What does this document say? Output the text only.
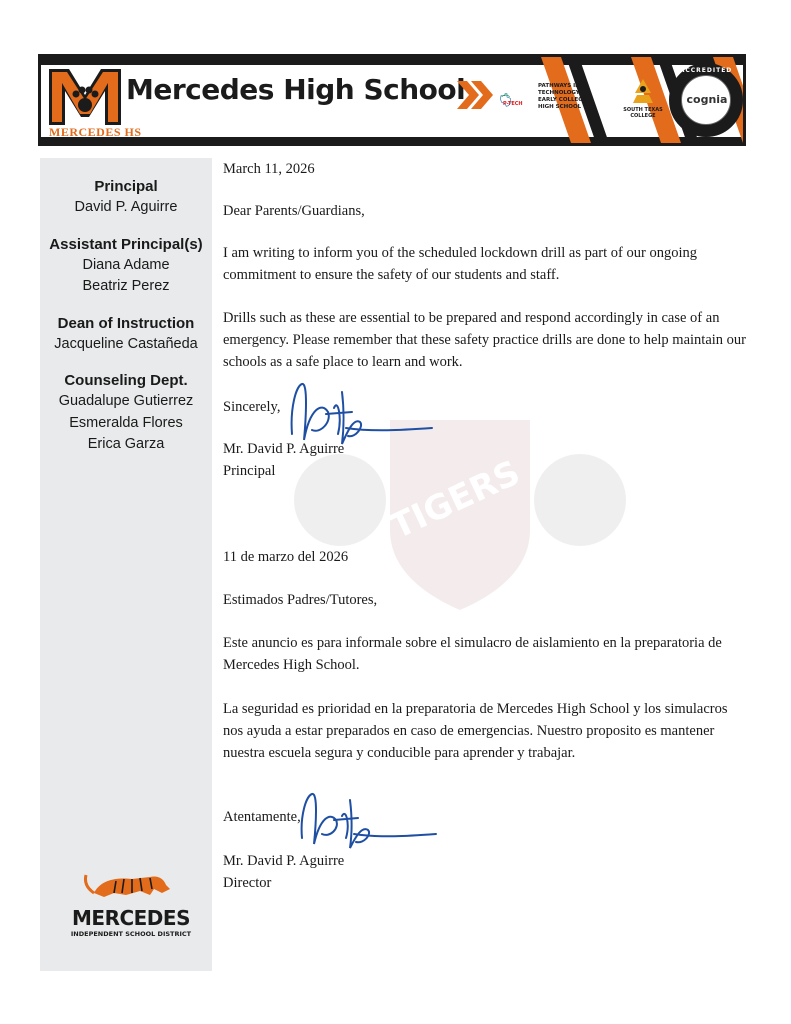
MERCEDES HS
Mercedes High School	P-TECH
PATHWAYS IN
TECHNOLOGY
EARLY COLLEGE
HIGH SCHOOL	SOUTH TEXAS
COLLEGE
ACCREDITED
cognia
Principal
David P. Aguirre
Assistant Principal(s)
Diana Adame
Beatriz Perez
Dean of Instruction
Jacqueline Castañeda
Counseling Dept.
Guadalupe Gutierrez
Esmeralda Flores
Erica Garza
MERCEDES
INDEPENDENT SCHOOL DISTRICT
TIGERS

March 11, 2026

Dear Parents/Guardians,

I am writing to inform you of the scheduled lockdown drill as part of our ongoing commitment to ensure the safety of our students and staff.

Drills such as these are essential to be prepared and respond accordingly in case of an emergency. Please remember that these safety practice drills are done to help maintain our schools as a safe place to learn and work.

Sincerely,

Mr. David P. Aguirre

Principal

11 de marzo del 2026

Estimados Padres/Tutores,

Este anuncio es para informale sobre el simulacro de aislamiento en la preparatoria de Mercedes High School.

La seguridad es prioridad en la preparatoria de Mercedes High School y los simulacros nos ayuda a estar preparados en caso de emergencias. Nuestro proposito es mantener nuestra escuela segura y conducible para aprender y trabajar.

Atentamente,

Mr. David P. Aguirre

Director
